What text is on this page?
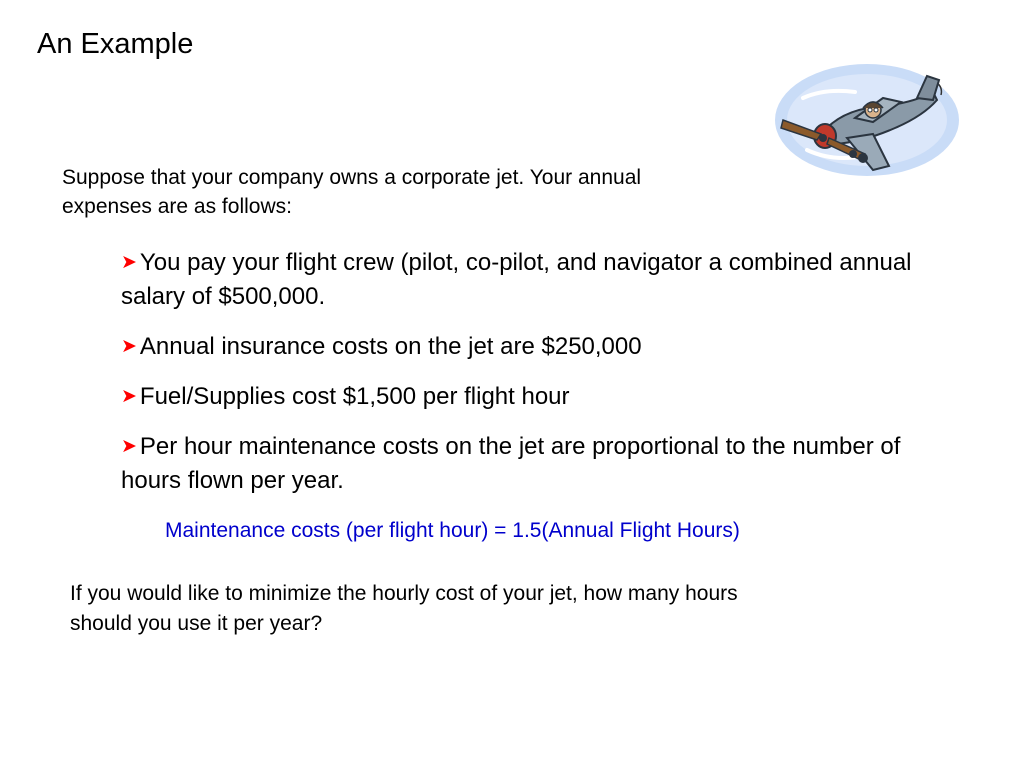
An Example
Suppose that your company owns a corporate jet. Your annual expenses are as follows:
➤ You pay your flight crew (pilot, co-pilot, and navigator a combined annual salary of $500,000.
➤ Annual insurance costs on the jet are $250,000
➤ Fuel/Supplies cost $1,500 per flight hour
➤ Per hour maintenance costs on the jet are proportional to the number of hours flown per year.
Maintenance costs (per flight hour) = 1.5(Annual Flight Hours)
If you would like to minimize the hourly cost of your jet, how many hours should you use it per year?
